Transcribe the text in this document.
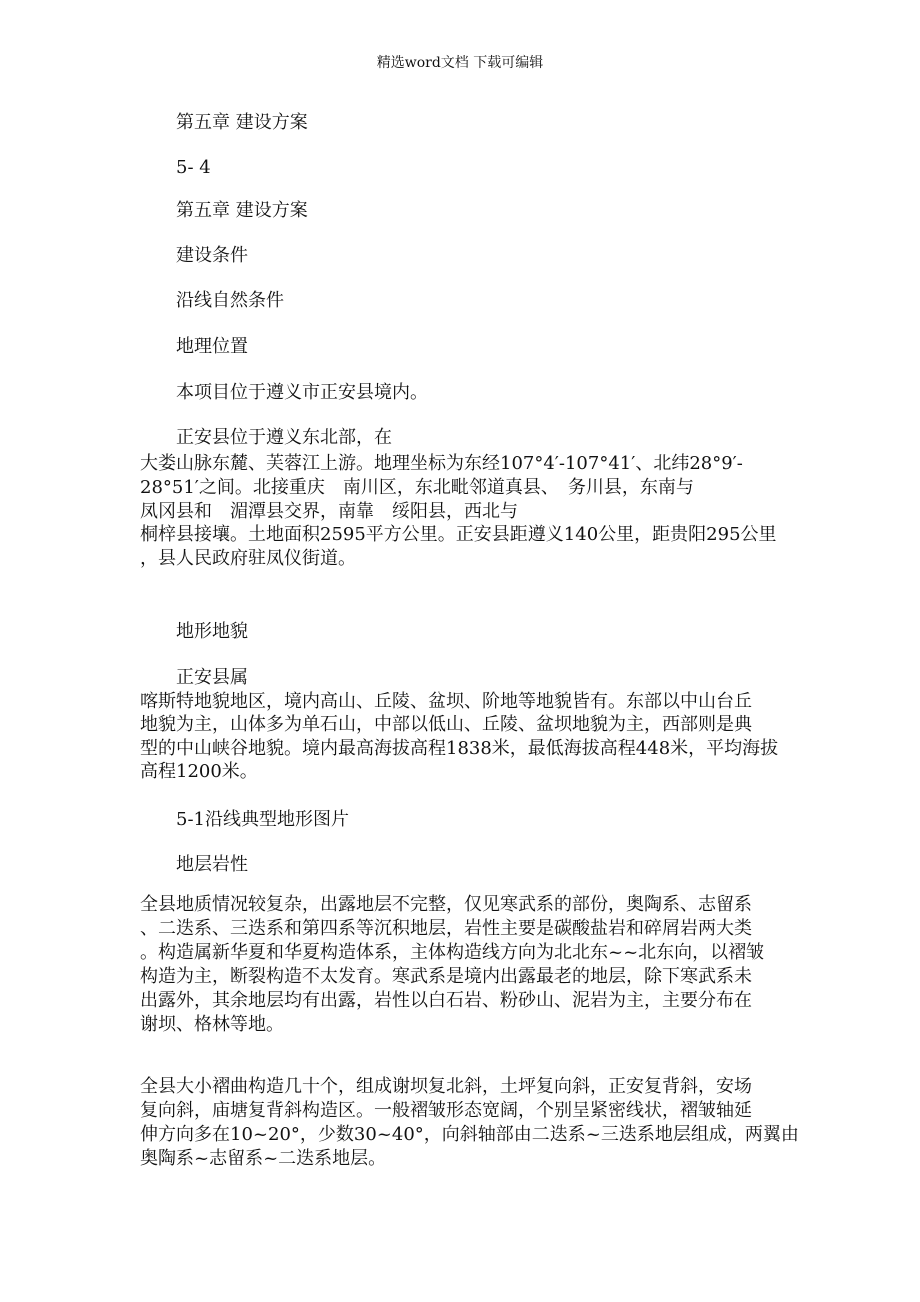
精选word文档 下载可编辑
第五章 建设方案
5- 4
第五章 建设方案
建设条件
沿线自然条件
地理位置
本项目位于遵义市正安县境内。
正安县位于遵义东北部，在
大娄山脉东麓、芙蓉江上游。地理坐标为东经107°4′-107°41′、北纬28°9′-
28°51′之间。北接重庆　南川区，东北毗邻道真县、　务川县，东南与
凤冈县和　湄潭县交界，南靠　绥阳县，西北与
桐梓县接壤。土地面积2595平方公里。正安县距遵义140公里，距贵阳295公里
，县人民政府驻凤仪街道。
地形地貌
正安县属
喀斯特地貌地区，境内高山、丘陵、盆坝、阶地等地貌皆有。东部以中山台丘
地貌为主，山体多为单石山，中部以低山、丘陵、盆坝地貌为主，西部则是典
型的中山峡谷地貌。境内最高海拔高程1838米，最低海拔高程448米，平均海拔
高程1200米。
5-1沿线典型地形图片
地层岩性
全县地质情况较复杂，出露地层不完整，仅见寒武系的部份，奥陶系、志留系
、二迭系、三迭系和第四系等沉积地层，岩性主要是碳酸盐岩和碎屑岩两大类
。构造属新华夏和华夏构造体系，主体构造线方向为北北东~~北东向，以褶皱
构造为主，断裂构造不太发育。寒武系是境内出露最老的地层，除下寒武系未
出露外，其余地层均有出露，岩性以白石岩、粉砂山、泥岩为主，主要分布在
谢坝、格林等地。
全县大小褶曲构造几十个，组成谢坝复北斜，土坪复向斜，正安复背斜，安场
复向斜，庙塘复背斜构造区。一般褶皱形态宽阔，个别呈紧密线状，褶皱轴延
伸方向多在10~20°，少数30~40°，向斜轴部由二迭系~三迭系地层组成，两翼由
奥陶系~志留系~二迭系地层。
